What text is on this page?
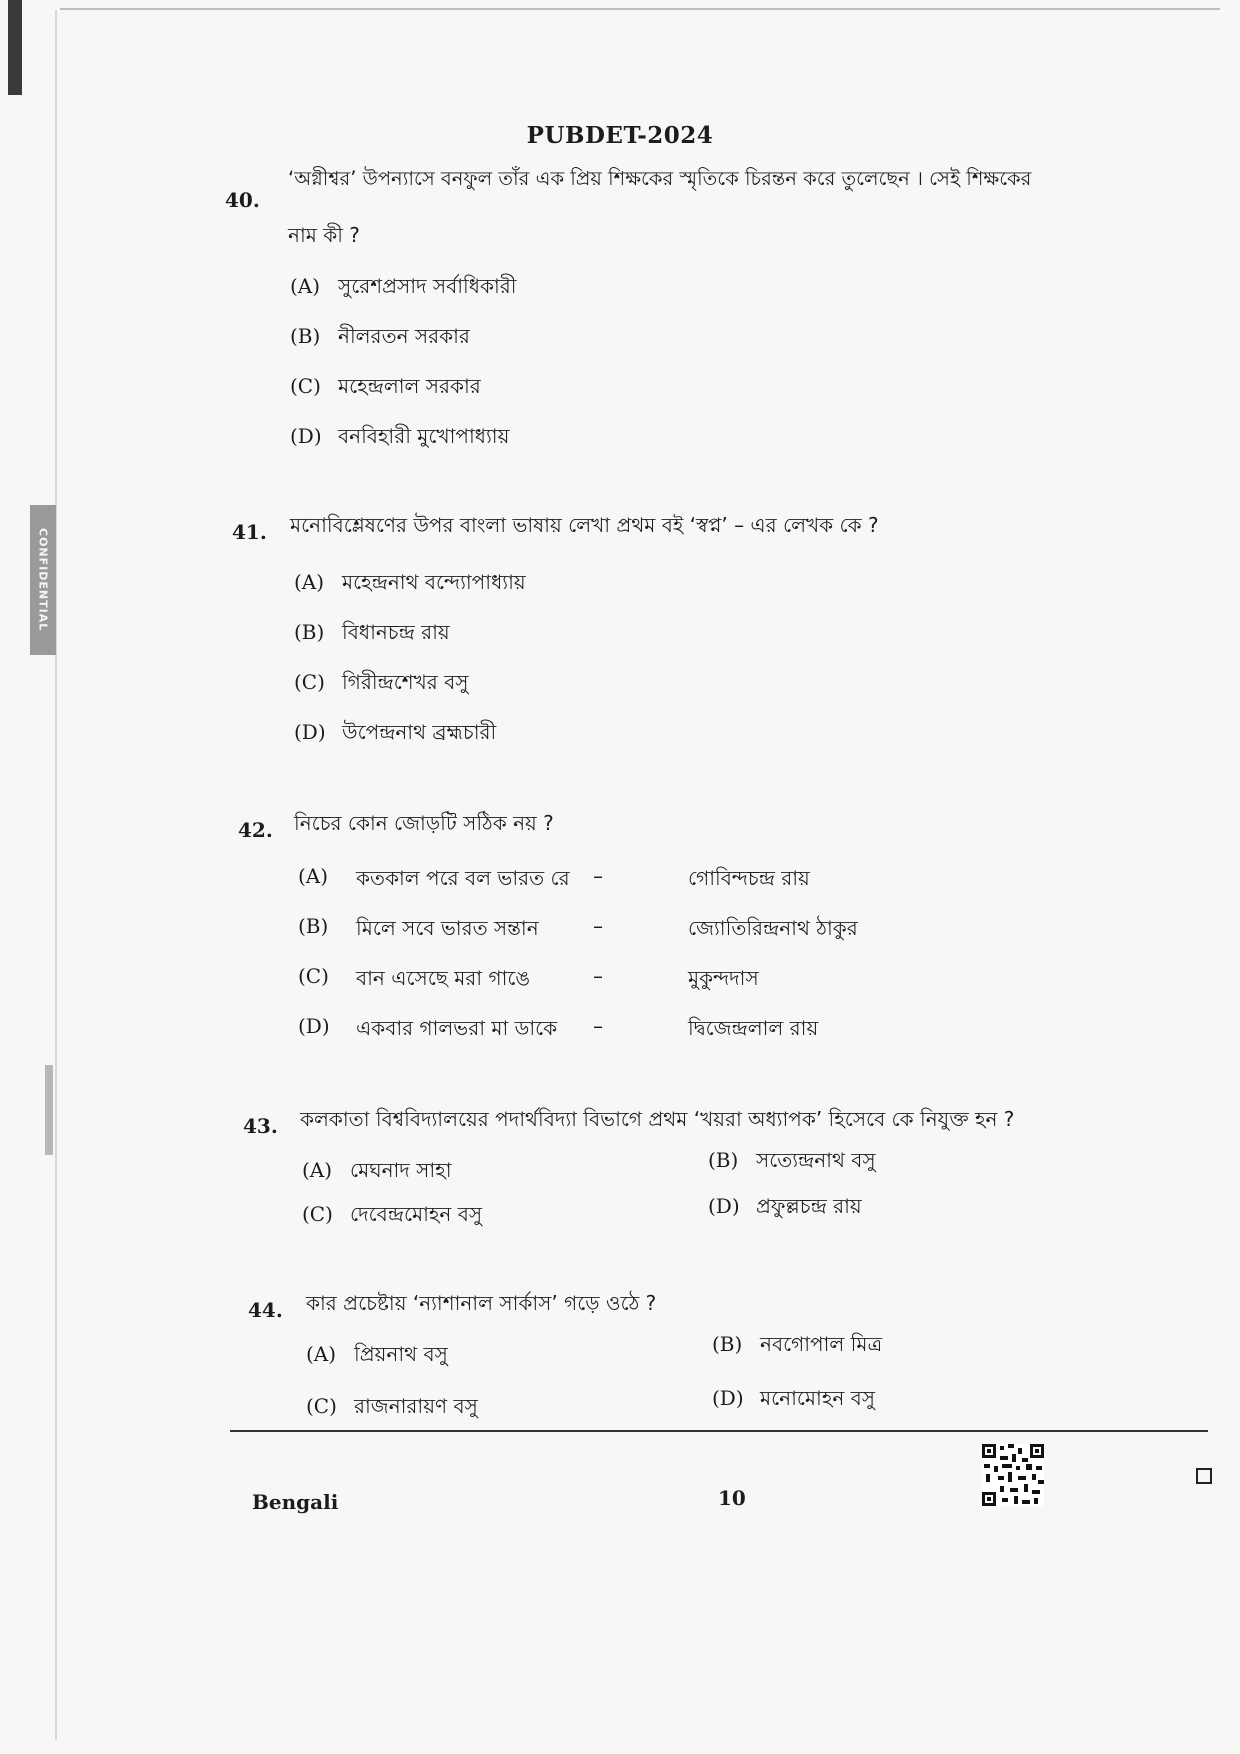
CONFIDENTIAL
PUBDET-2024
40.
‘অগ্নীশ্বর’ উপন্যাসে বনফুল তাঁর এক প্রিয় শিক্ষকের স্মৃতিকে চিরন্তন করে তুলেছেন । সেই শিক্ষকের
নাম কী ?
(A) সুরেশপ্রসাদ সর্বাধিকারী
(B) নীলরতন সরকার
(C) মহেন্দ্রলাল সরকার
(D) বনবিহারী মুখোপাধ্যায়
41. মনোবিশ্লেষণের উপর বাংলা ভাষায় লেখা প্রথম বই ‘স্বপ্ন’ – এর লেখক কে ?
(A) মহেন্দ্রনাথ বন্দ্যোপাধ্যায়
(B) বিধানচন্দ্র রায়
(C) গিরীন্দ্রশেখর বসু
(D) উপেন্দ্রনাথ ব্রহ্মচারী
42. নিচের কোন জোড়টি সঠিক নয় ?
(A) কতকাল পরে বল ভারত রে –	গোবিন্দচন্দ্র রায়
(B) মিলে সবে ভারত সন্তান	–	জ্যোতিরিন্দ্রনাথ ঠাকুর
(C) বান এসেছে মরা গাঙে	–	মুকুন্দদাস
(D) একবার গালভরা মা ডাকে –	দ্বিজেন্দ্রলাল রায়
43. কলকাতা বিশ্ববিদ্যালয়ের পদার্থবিদ্যা বিভাগে প্রথম ‘খয়রা অধ্যাপক’ হিসেবে কে নিযুক্ত হন ?
(A) মেঘনাদ সাহা	(B) সত্যেন্দ্রনাথ বসু
(C) দেবেন্দ্রমোহন বসু	(D) প্রফুল্লচন্দ্র রায়
44. কার প্রচেষ্টায় ‘ন্যাশানাল সার্কাস’ গড়ে ওঠে ?
(A) প্রিয়নাথ বসু	(B) নবগোপাল মিত্র
(C) রাজনারায়ণ বসু	(D) মনোমোহন বসু
Bengali	10
